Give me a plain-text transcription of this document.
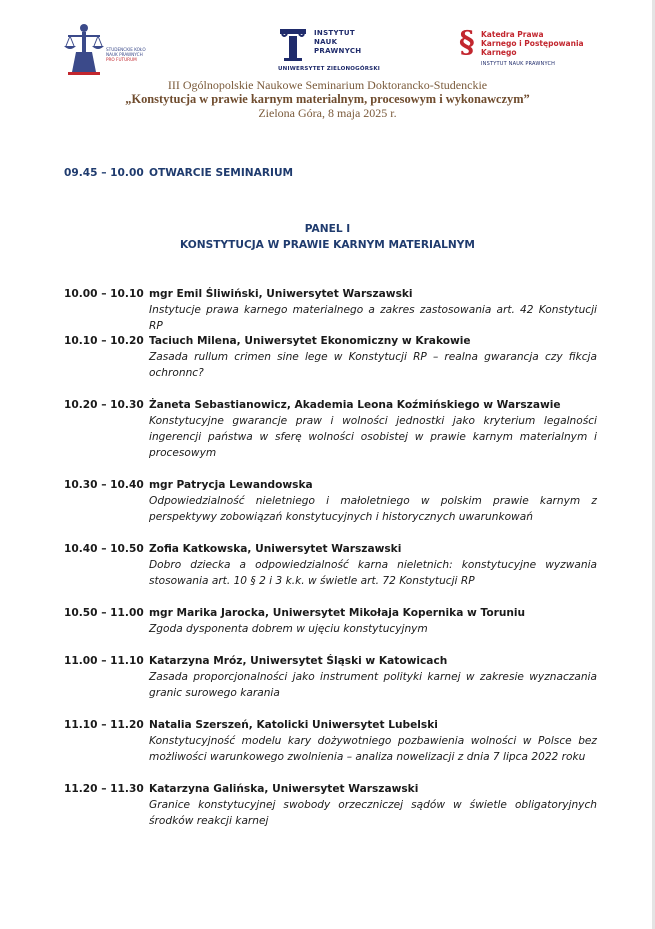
STUDENCKIE KOŁO
NAUK PRAWNYCH
PRO FUTURUM
INSTYTUT
NAUK
PRAWNYCH
UNIWERSYTET ZIELONOGÓRSKI
§ Katedra Prawa
Karnego i Postępowania
Karnego
INSTYTUT NAUK PRAWNYCH
III Ogólnopolskie Naukowe Seminarium Doktorancko-Studenckie
„Konstytucja w prawie karnym materialnym, procesowym i wykonawczym”
Zielona Góra, 8 maja 2025 r.
09.45 – 10.00 OTWARCIE SEMINARIUM
PANEL I
KONSTYTUCJA W PRAWIE KARNYM MATERIALNYM
10.00 – 10.10 mgr Emil Śliwiński, Uniwersytet Warszawski
Instytucje prawa karnego materialnego a zakres zastosowania art. 42 Konstytucji RP
10.10 – 10.20 Taciuch Milena, Uniwersytet Ekonomiczny w Krakowie
Zasada rullum crimen sine lege w Konstytucji RP – realna gwarancja czy fikcja ochronnc?
10.20 – 10.30 Żaneta Sebastianowicz, Akademia Leona Koźmińskiego w Warszawie
Konstytucyjne gwarancje praw i wolności jednostki jako kryterium legalności ingerencji państwa w sferę wolności osobistej w prawie karnym materialnym i procesowym
10.30 – 10.40 mgr Patrycja Lewandowska
Odpowiedzialność nieletniego i małoletniego w polskim prawie karnym z perspektywy zobowiązań konstytucyjnych i historycznych uwarunkowań
10.40 – 10.50 Zofia Katkowska, Uniwersytet Warszawski
Dobro dziecka a odpowiedzialność karna nieletnich: konstytucyjne wyzwania stosowania art. 10 § 2 i 3 k.k. w świetle art. 72 Konstytucji RP
10.50 – 11.00 mgr Marika Jarocka, Uniwersytet Mikołaja Kopernika w Toruniu
Zgoda dysponenta dobrem w ujęciu konstytucyjnym
11.00 – 11.10 Katarzyna Mróz, Uniwersytet Śląski w Katowicach
Zasada proporcjonalności jako instrument polityki karnej w zakresie wyznaczania granic surowego karania
11.10 – 11.20 Natalia Szerszeń, Katolicki Uniwersytet Lubelski
Konstytucyjność modelu kary dożywotniego pozbawienia wolności w Polsce bez możliwości warunkowego zwolnienia – analiza nowelizacji z dnia 7 lipca 2022 roku
11.20 – 11.30 Katarzyna Galińska, Uniwersytet Warszawski
Granice konstytucyjnej swobody orzeczniczej sądów w świetle obligatoryjnych środków reakcji karnej
